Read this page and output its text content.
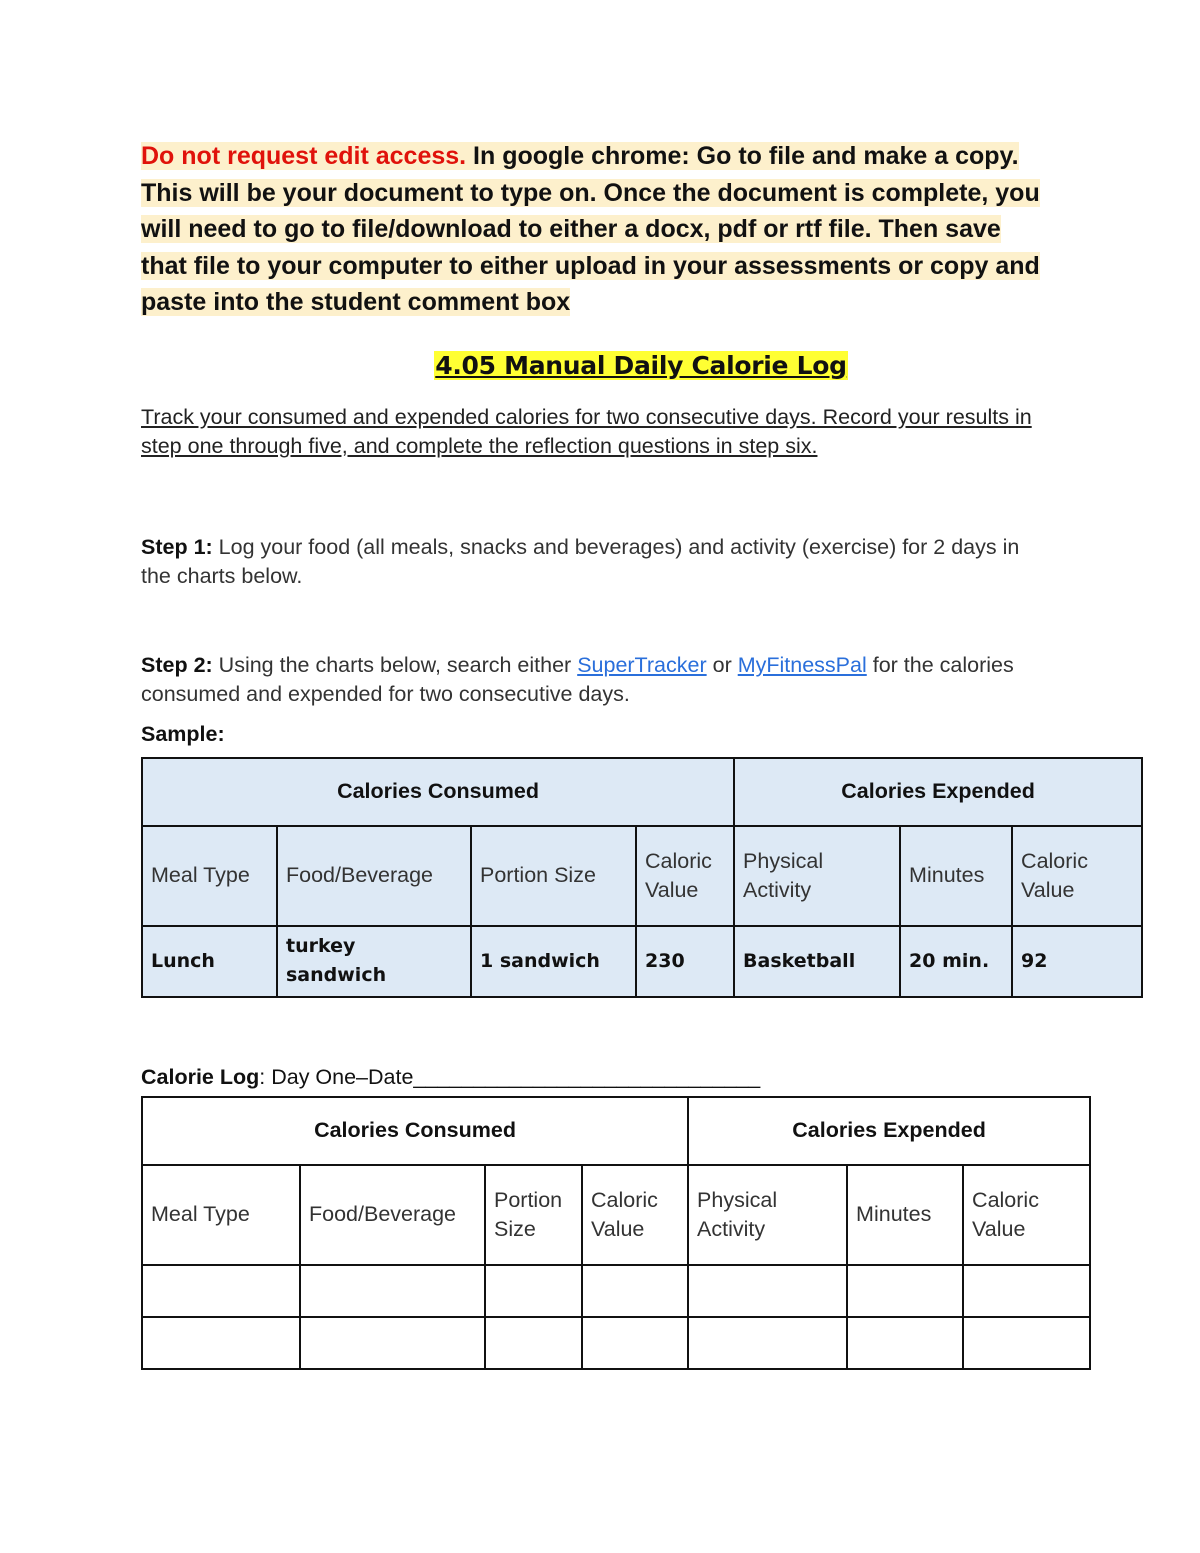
Do not request edit access. In google chrome: Go to file and make a copy. This will be your document to type on. Once the document is complete, you will need to go to file/download to either a docx, pdf or rtf file. Then save that file to your computer to either upload in your assessments or copy and paste into the student comment box

4.05 Manual Daily Calorie Log
Track your consumed and expended calories for two consecutive days. Record your results in step one through five, and complete the reflection questions in step six.
Step 1: Log your food (all meals, snacks and beverages) and activity (exercise) for 2 days in the charts below.
Step 2: Using the charts below, search either SuperTracker or MyFitnessPal for the calories consumed and expended for two consecutive days.
Sample:
Calories Consumed				Calories Expended		
Meal Type	Food/Beverage	Portion Size	Caloric Value	Physical Activity	Minutes	Caloric Value
Lunch	turkey sandwich	1 sandwich	230	Basketball	20 min.	92
Calorie Log: Day One–Date_____________________________
Calories Consumed				Calories Expended		
Meal Type	Food/Beverage	Portion Size	Caloric Value	Physical Activity	Minutes	Caloric Value
